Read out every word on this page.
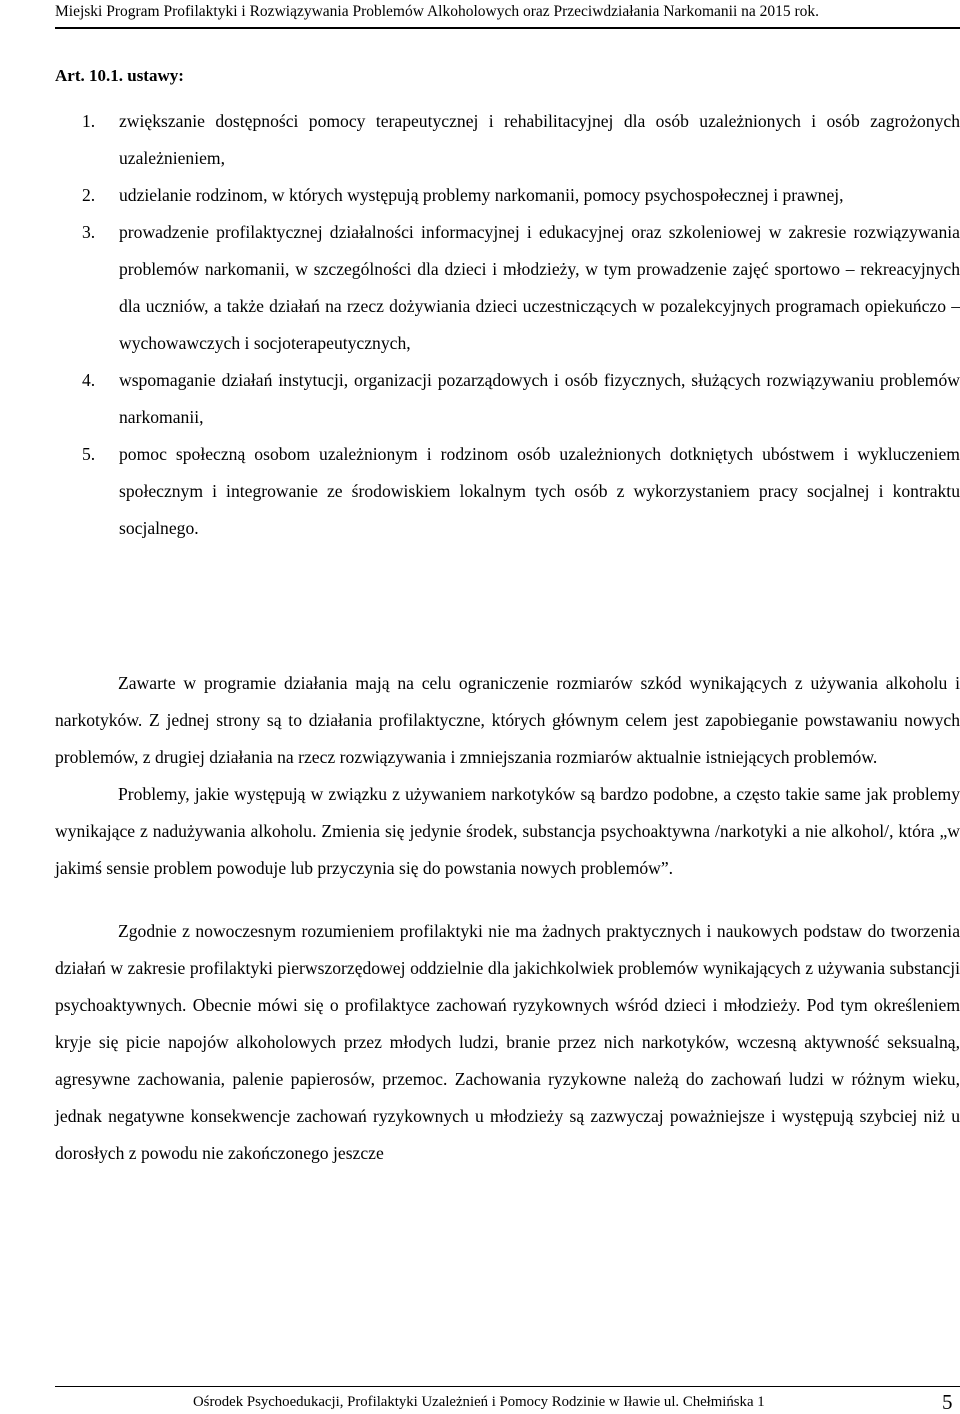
Miejski Program Profilaktyki i Rozwiązywania Problemów Alkoholowych oraz Przeciwdziałania Narkomanii na 2015 rok.
Art. 10.1. ustawy:
1. zwiększanie dostępności pomocy terapeutycznej i rehabilitacyjnej dla osób uzależnionych i osób zagrożonych uzależnieniem,
2. udzielanie rodzinom, w których występują problemy narkomanii, pomocy psychospołecznej i prawnej,
3. prowadzenie profilaktycznej działalności informacyjnej i edukacyjnej oraz szkoleniowej w zakresie rozwiązywania problemów narkomanii, w szczególności dla dzieci i młodzieży, w tym prowadzenie zajęć sportowo – rekreacyjnych dla uczniów, a także działań na rzecz dożywiania dzieci uczestniczących w pozalekcyjnych programach opiekuńczo – wychowawczych i socjoterapeutycznych,
4. wspomaganie działań instytucji, organizacji pozarządowych i osób fizycznych, służących rozwiązywaniu problemów narkomanii,
5. pomoc społeczną osobom uzależnionym i rodzinom osób uzależnionych dotkniętych ubóstwem i wykluczeniem społecznym i integrowanie ze środowiskiem lokalnym tych osób z wykorzystaniem pracy socjalnej i kontraktu socjalnego.

Zawarte w programie działania mają na celu ograniczenie rozmiarów szkód wynikających z używania alkoholu i narkotyków. Z jednej strony są to działania profilaktyczne, których głównym celem jest zapobieganie powstawaniu nowych problemów, z drugiej działania na rzecz rozwiązywania i zmniejszania rozmiarów aktualnie istniejących problemów.

Problemy, jakie występują w związku z używaniem narkotyków są bardzo podobne, a często takie same jak problemy wynikające z nadużywania alkoholu. Zmienia się jedynie środek, substancja psychoaktywna /narkotyki a nie alkohol/, która „w jakimś sensie problem powoduje lub przyczynia się do powstania nowych problemów”.

Zgodnie z nowoczesnym rozumieniem profilaktyki nie ma żadnych praktycznych i naukowych podstaw do tworzenia działań w zakresie profilaktyki pierwszorzędowej oddzielnie dla jakichkolwiek problemów wynikających z używania substancji psychoaktywnych. Obecnie mówi się o profilaktyce zachowań ryzykownych wśród dzieci i młodzieży. Pod tym określeniem kryje się picie napojów alkoholowych przez młodych ludzi, branie przez nich narkotyków, wczesną aktywność seksualną, agresywne zachowania, palenie papierosów, przemoc. Zachowania ryzykowne należą do zachowań ludzi w różnym wieku, jednak negatywne konsekwencje zachowań ryzykownych u młodzieży są zazwyczaj poważniejsze i występują szybciej niż u dorosłych z powodu nie zakończonego jeszcze

Ośrodek Psychoedukacji, Profilaktyki Uzależnień i Pomocy Rodzinie w Iławie ul. Chełmińska 1	5
